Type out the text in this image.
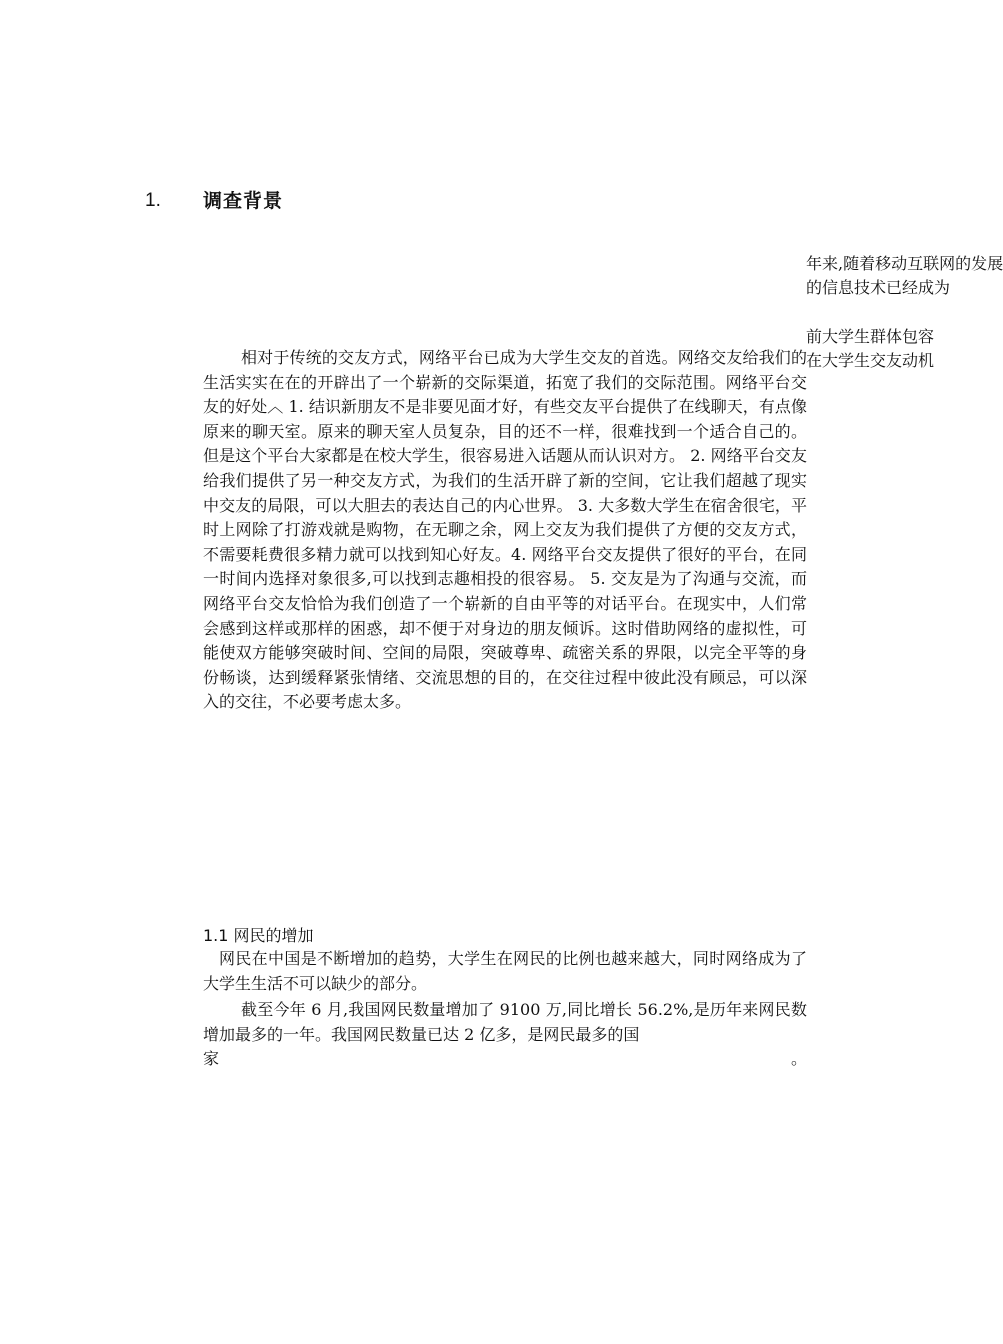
1. 调查背景
年来,随着移动互联网的发展
的信息技术已经成为
前大学生群体包容
在大学生交友动机

相对于传统的交友方式，网络平台已成为大学生交友的首选。网络交友给我们的生活实实在在的开辟出了一个崭新的交际渠道，拓宽了我们的交际范围。网络平台交友的好处︿ 1. 结识新朋友不是非要见面才好，有些交友平台提供了在线聊天，有点像原来的聊天室。原来的聊天室人员复杂，目的还不一样，很难找到一个适合自己的。但是这个平台大家都是在校大学生，很容易进入话题从而认识对方。 2. 网络平台交友给我们提供了另一种交友方式，为我们的生活开辟了新的空间，它让我们超越了现实中交友的局限，可以大胆去的表达自己的内心世界。 3. 大多数大学生在宿舍很宅，平时上网除了打游戏就是购物，在无聊之余，网上交友为我们提供了方便的交友方式，不需要耗费很多精力就可以找到知心好友。4. 网络平台交友提供了很好的平台，在同一时间内选择对象很多,可以找到志趣相投的很容易。 5. 交友是为了沟通与交流，而网络平台交友恰恰为我们创造了一个崭新的自由平等的对话平台。在现实中，人们常会感到这样或那样的困惑，却不便于对身边的朋友倾诉。这时借助网络的虚拟性，可能使双方能够突破时间、空间的局限，突破尊卑、疏密关系的界限，以完全平等的身份畅谈，达到缓释紧张情绪、交流思想的目的，在交往过程中彼此没有顾忌，可以深入的交往，不必要考虑太多。

1.1 网民的增加

网民在中国是不断增加的趋势，大学生在网民的比例也越来越大，同时网络成为了大学生生活不可以缺少的部分。

截至今年 6 月,我国网民数量增加了 9100 万,同比增长 56.2%,是历年来网民数增加最多的一年。我国网民数量已达 2 亿多，是网民最多的国
家	。
